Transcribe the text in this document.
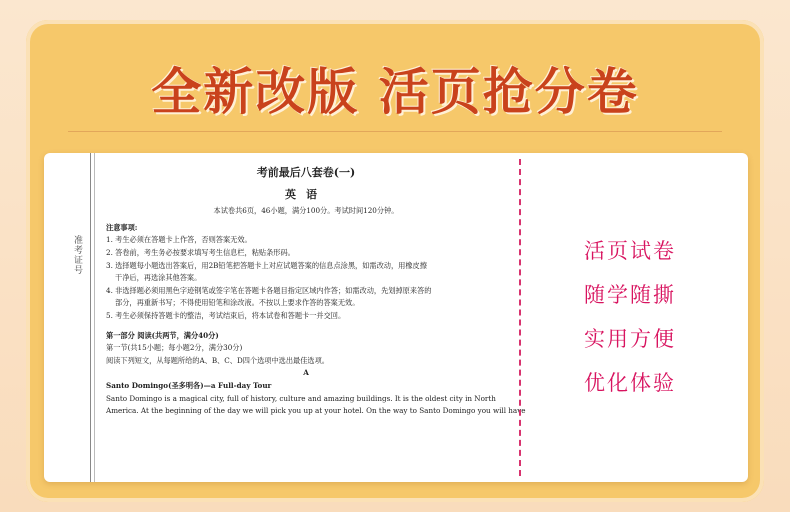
全新改版 活页抢分卷
准考证号
考前最后八套卷(一)
英语
本试卷共6页，46小题，满分100分。考试时间120分钟。
注意事项:
1. 考生必须在答题卡上作答，否则答案无效。
2. 答卷前，考生务必按要求填写考生信息栏，粘贴条形码。
3. 选择题每小题选出答案后，用2B铅笔把答题卡上对应试题答案的信息点涂黑，如需改动，用橡皮擦
干净后，再选涂其他答案。
4. 非选择题必须用黑色字迹钢笔或签字笔在答题卡各题目指定区域内作答；如需改动，先划掉原来答的
部分，再重新书写；不得使用铅笔和涂改液。不按以上要求作答的答案无效。
5. 考生必须保持答题卡的整洁，考试结束后，将本试卷和答题卡一并交回。
第一部分 阅读(共两节，满分40分)
第一节(共15小题；每小题2分，满分30分)
阅读下列短文，从每题所给的A、B、C、D四个选项中选出最佳选项。
A
Santo Domingo(圣多明各)—a Full-day Tour
Santo Domingo is a magical city, full of history, culture and amazing buildings. It is the oldest city in North
America. At the beginning of the day we will pick you up at your hotel. On the way to Santo Domingo you will have
活页试卷
随学随撕
实用方便
优化体验
